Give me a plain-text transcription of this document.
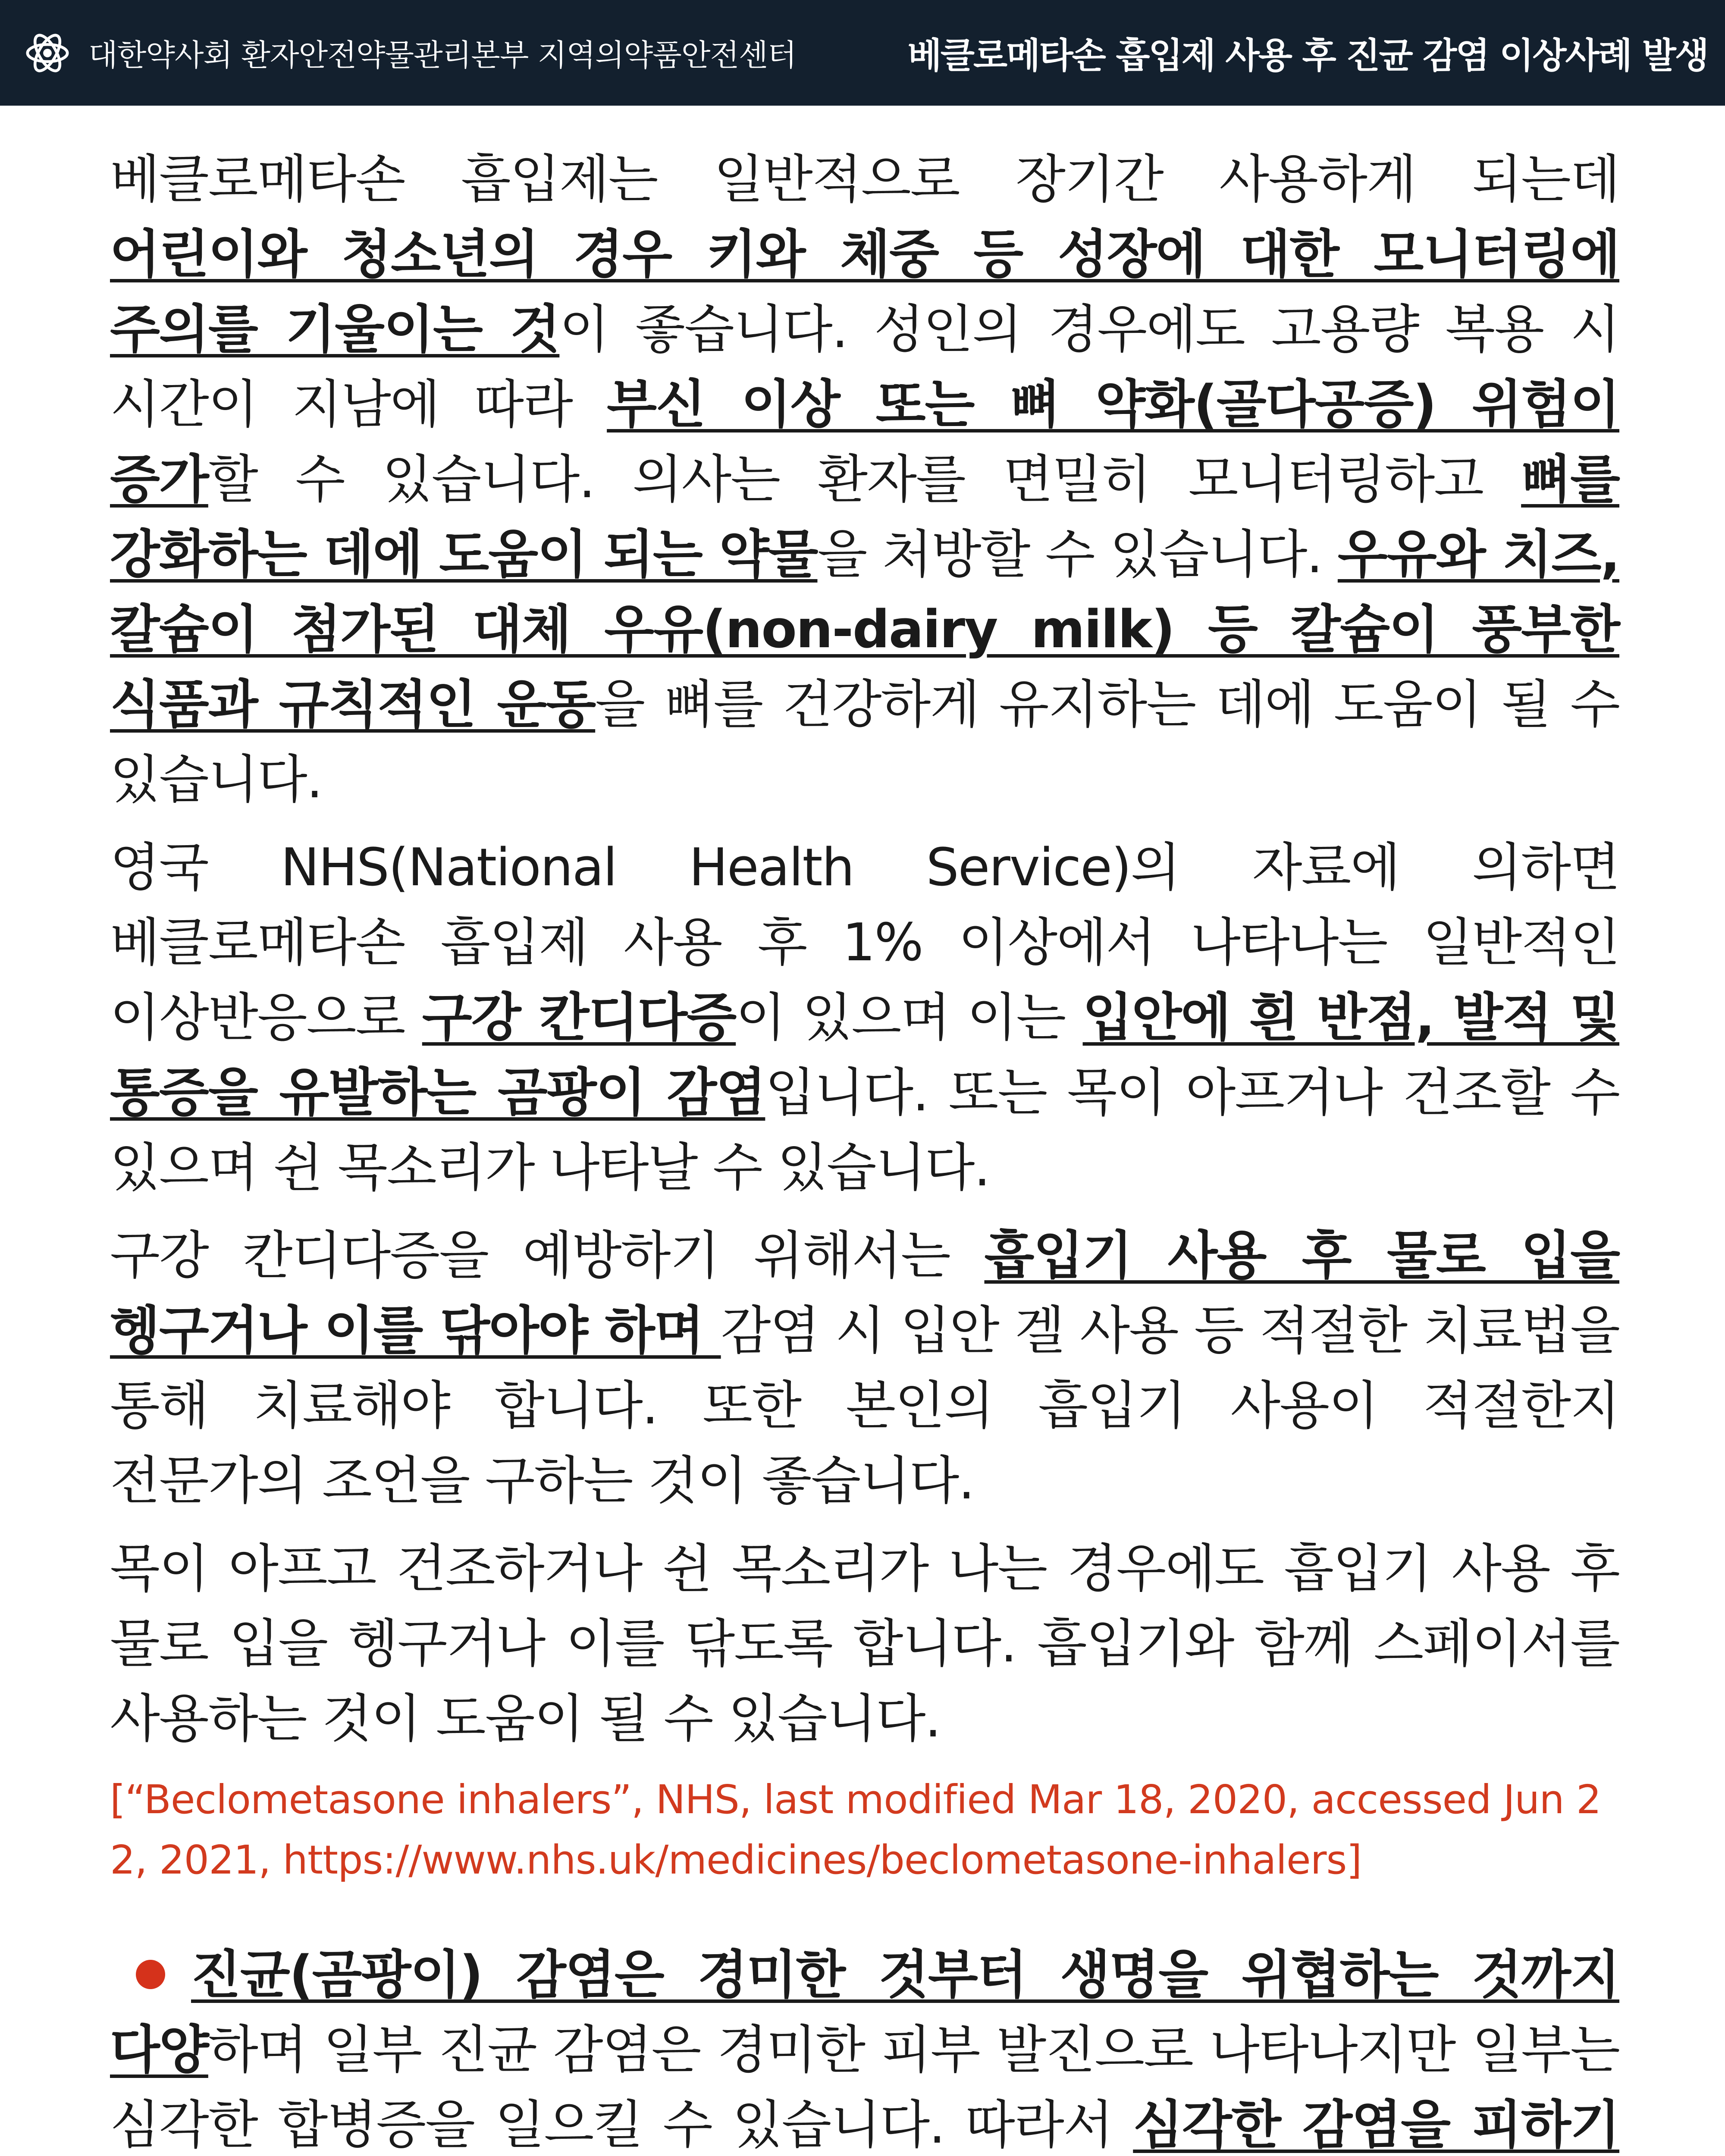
대한약사회 환자안전약물관리본부 지역의약품안전센터	베클로메타손 흡입제 사용 후 진균 감염 이상사례 발생

베클로메타손 흡입제는 일반적으로 장기간 사용하게 되는데 어린이와 청소년의 경우 키와 체중 등 성장에 대한 모니터링에 주의를 기울이는 것이 좋습니다. 성인의 경우에도 고용량 복용 시 시간이 지남에 따라 부신 이상 또는 뼈 약화(골다공증) 위험이 증가할 수 있습니다. 의사는 환자를 면밀히 모니터링하고 뼈를 강화하는 데에 도움이 되는 약물을 처방할 수 있습니다. 우유와 치즈, 칼슘이 첨가된 대체 우유(non-dairy milk) 등 칼슘이 풍부한 식품과 규칙적인 운동을 뼈를 건강하게 유지하는 데에 도움이 될 수 있습니다.

영국 NHS(National Health Service)의 자료에 의하면 베클로메타손 흡입제 사용 후 1% 이상에서 나타나는 일반적인 이상반응으로 구강 칸디다증이 있으며 이는 입안에 흰 반점, 발적 및 통증을 유발하는 곰팡이 감염입니다. 또는 목이 아프거나 건조할 수 있으며 쉰 목소리가 나타날 수 있습니다.

구강 칸디다증을 예방하기 위해서는 흡입기 사용 후 물로 입을 헹구거나 이를 닦아야 하며 감염 시 입안 겔 사용 등 적절한 치료법을 통해 치료해야 합니다. 또한 본인의 흡입기 사용이 적절한지 전문가의 조언을 구하는 것이 좋습니다.

목이 아프고 건조하거나 쉰 목소리가 나는 경우에도 흡입기 사용 후 물로 입을 헹구거나 이를 닦도록 합니다. 흡입기와 함께 스페이서를 사용하는 것이 도움이 될 수 있습니다.

[“Beclometasone inhalers”, NHS, last modified Mar 18, 2020, accessed Jun 22, 2021, https://www.nhs.uk/medicines/beclometasone-inhalers]

진균(곰팡이) 감염은 경미한 것부터 생명을 위협하는 것까지 다양하며 일부 진균 감염은 경미한 피부 발진으로 나타나지만 일부는 심각한 합병증을 일으킬 수 있습니다. 따라서 심각한 감염을 피하기
